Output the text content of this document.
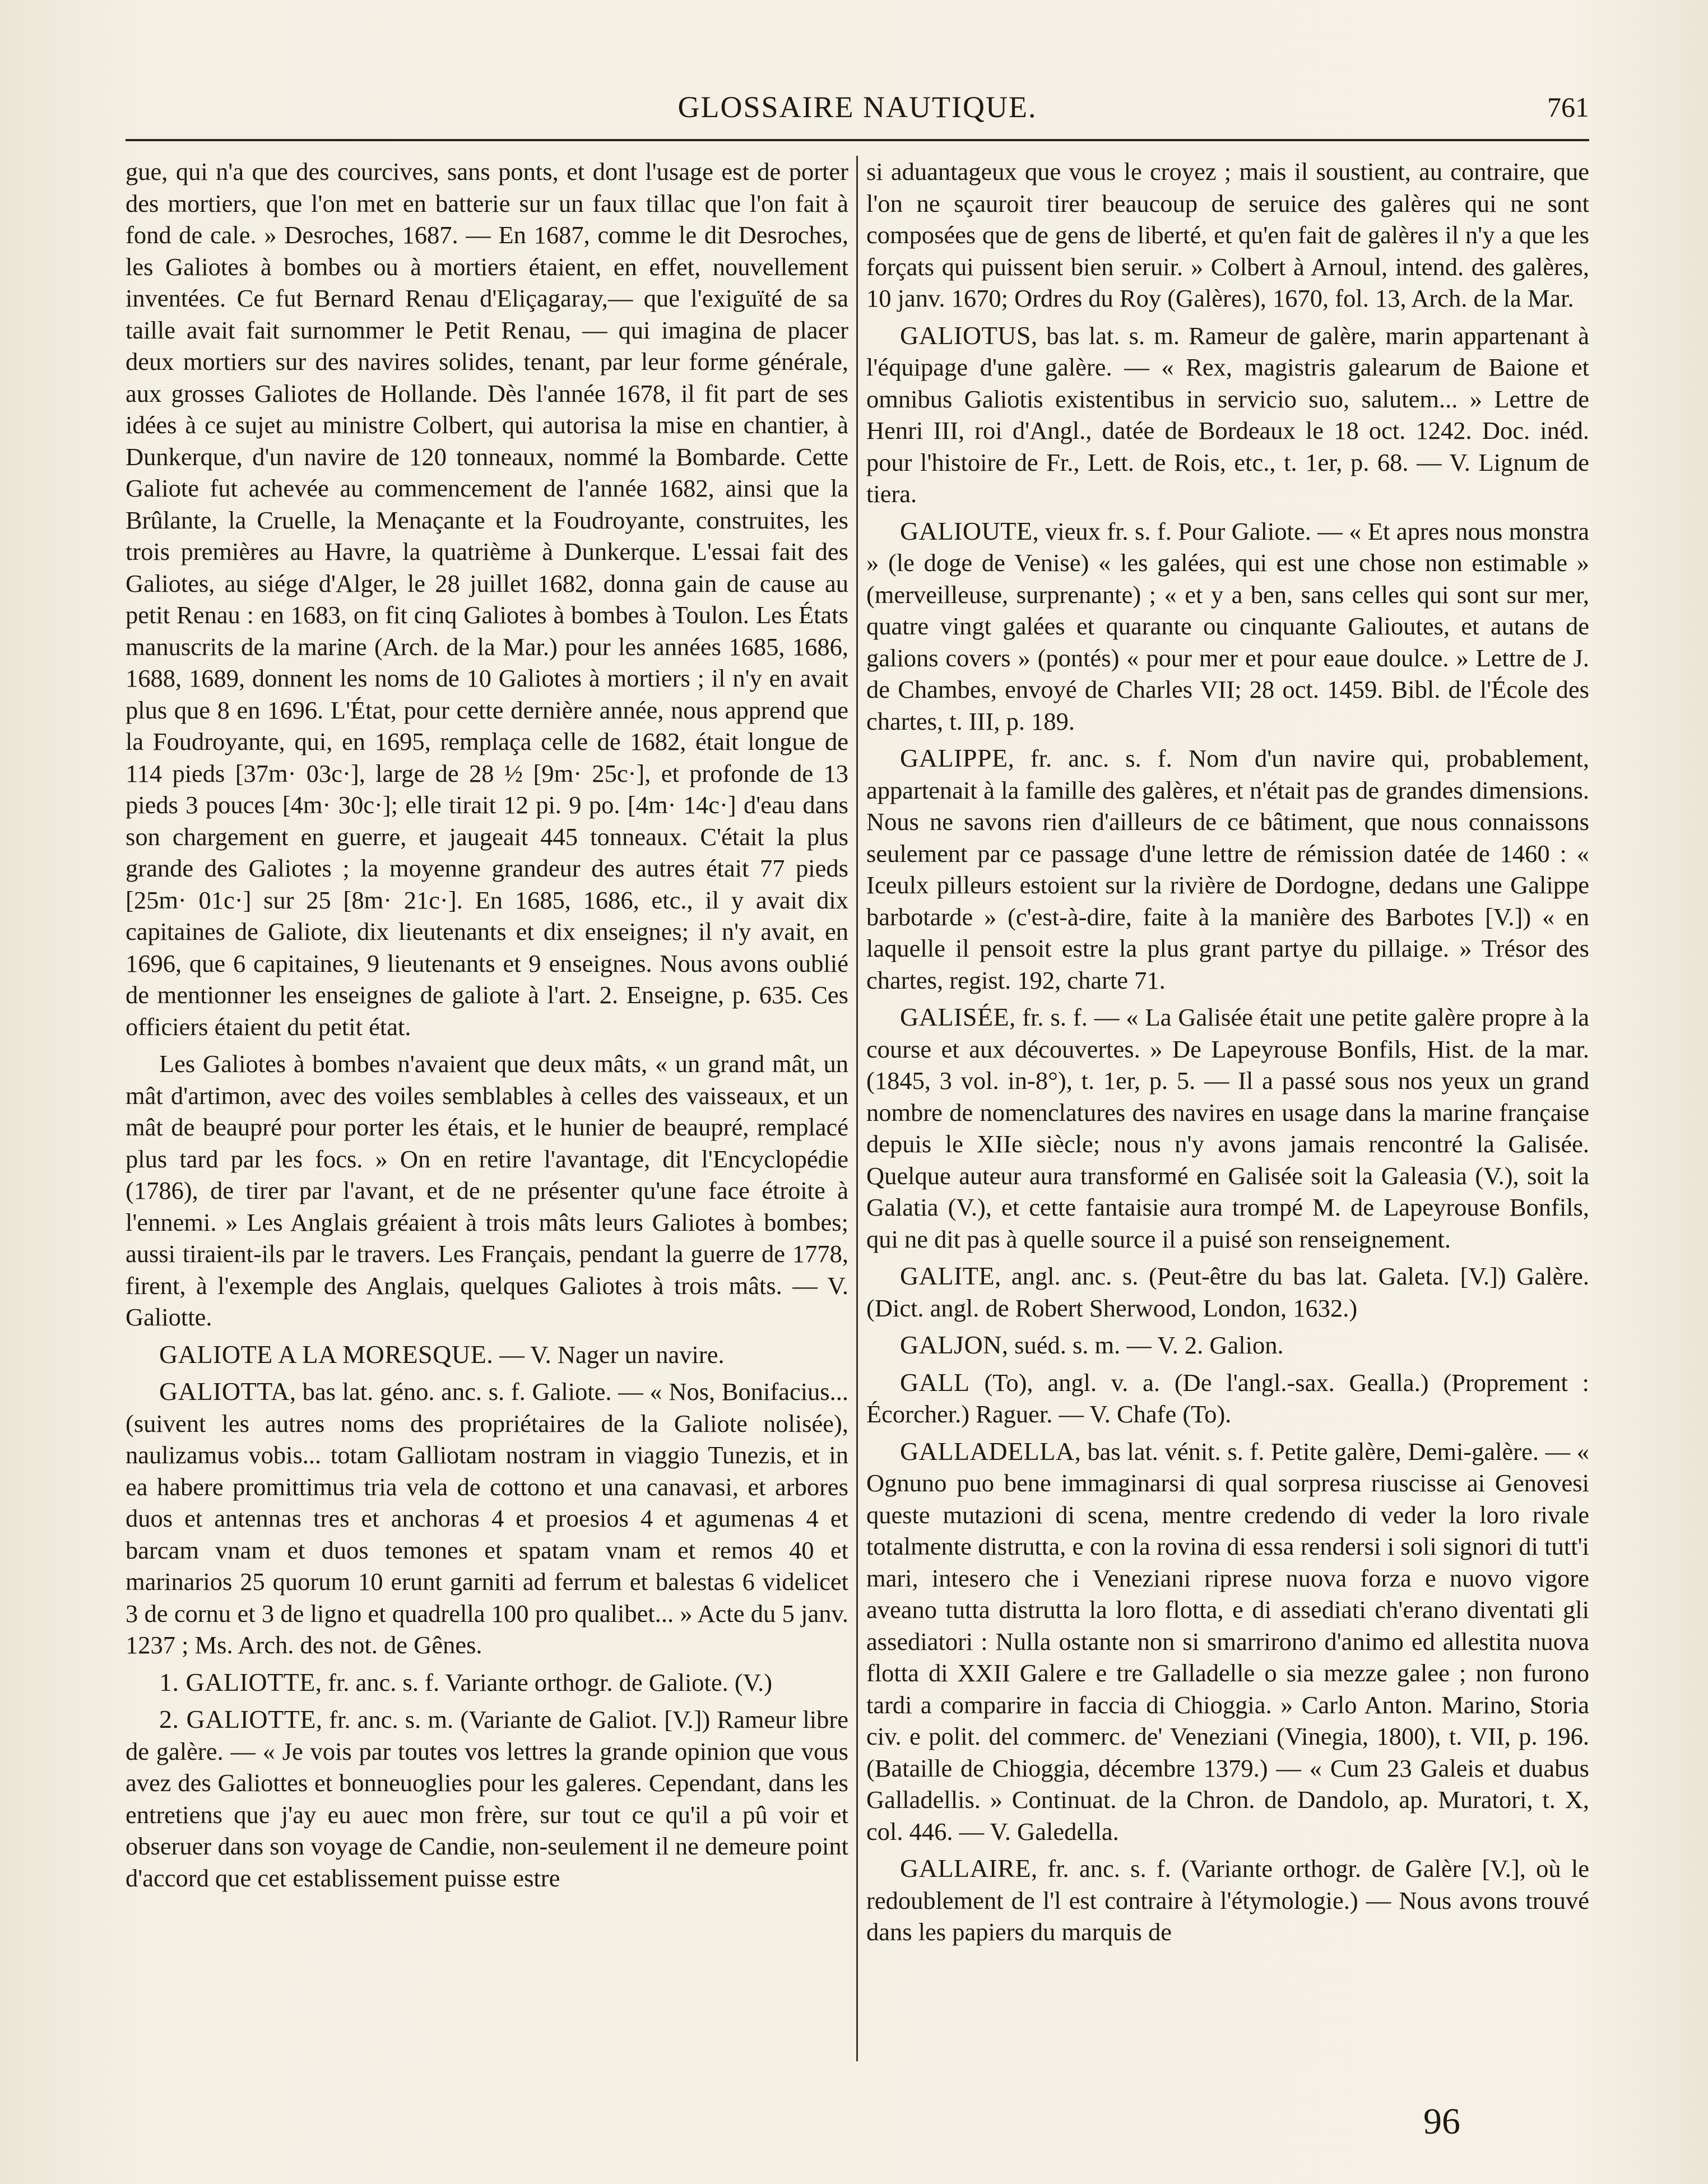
GLOSSAIRE NAUTIQUE.	761

gue, qui n'a que des courcives, sans ponts, et dont l'usage est de porter des mortiers, que l'on met en batterie sur un faux tillac que l'on fait à fond de cale. » Desroches, 1687. — En 1687, comme le dit Desroches, les Galiotes à bombes ou à mortiers étaient, en effet, nouvellement inventées. Ce fut Bernard Renau d'Eliçagaray,— que l'exiguïté de sa taille avait fait surnommer le Petit Renau, — qui imagina de placer deux mortiers sur des navires solides, tenant, par leur forme générale, aux grosses Galiotes de Hollande. Dès l'année 1678, il fit part de ses idées à ce sujet au ministre Colbert, qui autorisa la mise en chantier, à Dunkerque, d'un navire de 120 tonneaux, nommé la Bombarde. Cette Galiote fut achevée au commencement de l'année 1682, ainsi que la Brûlante, la Cruelle, la Menaçante et la Foudroyante, construites, les trois premières au Havre, la quatrième à Dunkerque. L'essai fait des Galiotes, au siége d'Alger, le 28 juillet 1682, donna gain de cause au petit Renau : en 1683, on fit cinq Galiotes à bombes à Toulon. Les États manuscrits de la marine (Arch. de la Mar.) pour les années 1685, 1686, 1688, 1689, donnent les noms de 10 Galiotes à mortiers ; il n'y en avait plus que 8 en 1696. L'État, pour cette dernière année, nous apprend que la Foudroyante, qui, en 1695, remplaça celle de 1682, était longue de 114 pieds [37m· 03c·], large de 28 ½ [9m· 25c·], et profonde de 13 pieds 3 pouces [4m· 30c·]; elle tirait 12 pi. 9 po. [4m· 14c·] d'eau dans son chargement en guerre, et jaugeait 445 tonneaux. C'était la plus grande des Galiotes ; la moyenne grandeur des autres était 77 pieds [25m· 01c·] sur 25 [8m· 21c·]. En 1685, 1686, etc., il y avait dix capitaines de Galiote, dix lieutenants et dix enseignes; il n'y avait, en 1696, que 6 capitaines, 9 lieutenants et 9 enseignes. Nous avons oublié de mentionner les enseignes de galiote à l'art. 2. Enseigne, p. 635. Ces officiers étaient du petit état.

Les Galiotes à bombes n'avaient que deux mâts, « un grand mât, un mât d'artimon, avec des voiles semblables à celles des vaisseaux, et un mât de beaupré pour porter les étais, et le hunier de beaupré, remplacé plus tard par les focs. » On en retire l'avantage, dit l'Encyclopédie (1786), de tirer par l'avant, et de ne présenter qu'une face étroite à l'ennemi. » Les Anglais gréaient à trois mâts leurs Galiotes à bombes; aussi tiraient-ils par le travers. Les Français, pendant la guerre de 1778, firent, à l'exemple des Anglais, quelques Galiotes à trois mâts. — V. Galiotte.

GALIOTE A LA MORESQUE. — V. Nager un navire.

GALIOTTA, bas lat. géno. anc. s. f. Galiote. — « Nos, Bonifacius... (suivent les autres noms des propriétaires de la Galiote nolisée), naulizamus vobis... totam Galliotam nostram in viaggio Tunezis, et in ea habere promittimus tria vela de cottono et una canavasi, et arbores duos et antennas tres et anchoras 4 et proesios 4 et agumenas 4 et barcam vnam et duos temones et spatam vnam et remos 40 et marinarios 25 quorum 10 erunt garniti ad ferrum et balestas 6 videlicet 3 de cornu et 3 de ligno et quadrella 100 pro qualibet... » Acte du 5 janv. 1237 ; Ms. Arch. des not. de Gênes.

1. GALIOTTE, fr. anc. s. f. Variante orthogr. de Galiote. (V.)

2. GALIOTTE, fr. anc. s. m. (Variante de Galiot. [V.]) Rameur libre de galère. — « Je vois par toutes vos lettres la grande opinion que vous avez des Galiottes et bonneuoglies pour les galeres. Cependant, dans les entretiens que j'ay eu auec mon frère, sur tout ce qu'il a pû voir et obseruer dans son voyage de Candie, non-seulement il ne demeure point d'accord que cet establissement puisse estre

si aduantageux que vous le croyez ; mais il soustient, au contraire, que l'on ne sçauroit tirer beaucoup de seruice des galères qui ne sont composées que de gens de liberté, et qu'en fait de galères il n'y a que les forçats qui puissent bien seruir. » Colbert à Arnoul, intend. des galères, 10 janv. 1670; Ordres du Roy (Galères), 1670, fol. 13, Arch. de la Mar.

GALIOTUS, bas lat. s. m. Rameur de galère, marin appartenant à l'équipage d'une galère. — « Rex, magistris galearum de Baione et omnibus Galiotis existentibus in servicio suo, salutem... » Lettre de Henri III, roi d'Angl., datée de Bordeaux le 18 oct. 1242. Doc. inéd. pour l'histoire de Fr., Lett. de Rois, etc., t. 1er, p. 68. — V. Lignum de tiera.

GALIOUTE, vieux fr. s. f. Pour Galiote. — « Et apres nous monstra » (le doge de Venise) « les galées, qui est une chose non estimable » (merveilleuse, surprenante) ; « et y a ben, sans celles qui sont sur mer, quatre vingt galées et quarante ou cinquante Galioutes, et autans de galions covers » (pontés) « pour mer et pour eaue doulce. » Lettre de J. de Chambes, envoyé de Charles VII; 28 oct. 1459. Bibl. de l'École des chartes, t. III, p. 189.

GALIPPE, fr. anc. s. f. Nom d'un navire qui, probablement, appartenait à la famille des galères, et n'était pas de grandes dimensions. Nous ne savons rien d'ailleurs de ce bâtiment, que nous connaissons seulement par ce passage d'une lettre de rémission datée de 1460 : « Iceulx pilleurs estoient sur la rivière de Dordogne, dedans une Galippe barbotarde » (c'est-à-dire, faite à la manière des Barbotes [V.]) « en laquelle il pensoit estre la plus grant partye du pillaige. » Trésor des chartes, regist. 192, charte 71.

GALISÉE, fr. s. f. — « La Galisée était une petite galère propre à la course et aux découvertes. » De Lapeyrouse Bonfils, Hist. de la mar. (1845, 3 vol. in-8°), t. 1er, p. 5. — Il a passé sous nos yeux un grand nombre de nomenclatures des navires en usage dans la marine française depuis le XIIe siècle; nous n'y avons jamais rencontré la Galisée. Quelque auteur aura transformé en Galisée soit la Galeasia (V.), soit la Galatia (V.), et cette fantaisie aura trompé M. de Lapeyrouse Bonfils, qui ne dit pas à quelle source il a puisé son renseignement.

GALITE, angl. anc. s. (Peut-être du bas lat. Galeta. [V.]) Galère. (Dict. angl. de Robert Sherwood, London, 1632.)

GALJON, suéd. s. m. — V. 2. Galion.

GALL (To), angl. v. a. (De l'angl.-sax. Gealla.) (Proprement : Écorcher.) Raguer. — V. Chafe (To).

GALLADELLA, bas lat. vénit. s. f. Petite galère, Demi-galère. — « Ognuno puo bene immaginarsi di qual sorpresa riuscisse ai Genovesi queste mutazioni di scena, mentre credendo di veder la loro rivale totalmente distrutta, e con la rovina di essa rendersi i soli signori di tutt'i mari, intesero che i Veneziani riprese nuova forza e nuovo vigore aveano tutta distrutta la loro flotta, e di assediati ch'erano diventati gli assediatori : Nulla ostante non si smarrirono d'animo ed allestita nuova flotta di XXII Galere e tre Galladelle o sia mezze galee ; non furono tardi a comparire in faccia di Chioggia. » Carlo Anton. Marino, Storia civ. e polit. del commerc. de' Veneziani (Vinegia, 1800), t. VII, p. 196. (Bataille de Chioggia, décembre 1379.) — « Cum 23 Galeis et duabus Galladellis. » Continuat. de la Chron. de Dandolo, ap. Muratori, t. X, col. 446. — V. Galedella.

GALLAIRE, fr. anc. s. f. (Variante orthogr. de Galère [V.], où le redoublement de l'l est contraire à l'étymologie.) — Nous avons trouvé dans les papiers du marquis de

96
